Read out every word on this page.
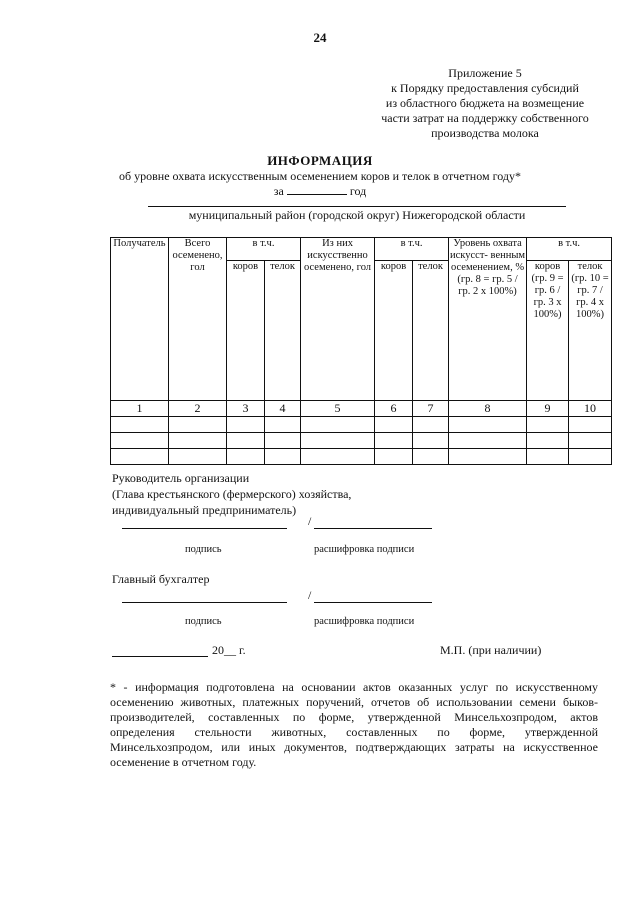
24
Приложение 5
к Порядку предоставления субсидий
из областного бюджета на возмещение
части затрат на поддержку собственного
производства молока
ИНФОРМАЦИЯ
об уровне охвата искусственным осеменением коров и телок в отчетном году*
за	год
муниципальный район (городской округ) Нижегородской области
Получатель	Всего осеменено, гол	в т.ч.		Из них искусственно осеменено, гол	в т.ч.		Уровень охвата искусст- венным осеменением, % (гр. 8 = гр. 5 / гр. 2 х 100%)	в т.ч.	
		коров	телок		коров	телок		коров (гр. 9 = гр. 6 / гр. 3 х 100%)	телок (гр. 10 = гр. 7 / гр. 4 х 100%)
1	2	3	4	5	6	7	8	9	10

Руководитель организации
(Глава крестьянского (фермерского) хозяйства,
индивидуальный предприниматель)
/
подпись	расшифровка подписи
Главный бухгалтер
/
подпись	расшифровка подписи
20__ г.	М.П. (при наличии)
* - информация подготовлена на основании актов оказанных услуг по искусственному осеменению животных, платежных поручений, отчетов об использовании семени быков-производителей, составленных по форме, утвержденной Минсельхозпродом, актов определения стельности животных, составленных по форме, утвержденной Минсельхозпродом, или иных документов, подтверждающих затраты на искусственное осеменение в отчетном году.
